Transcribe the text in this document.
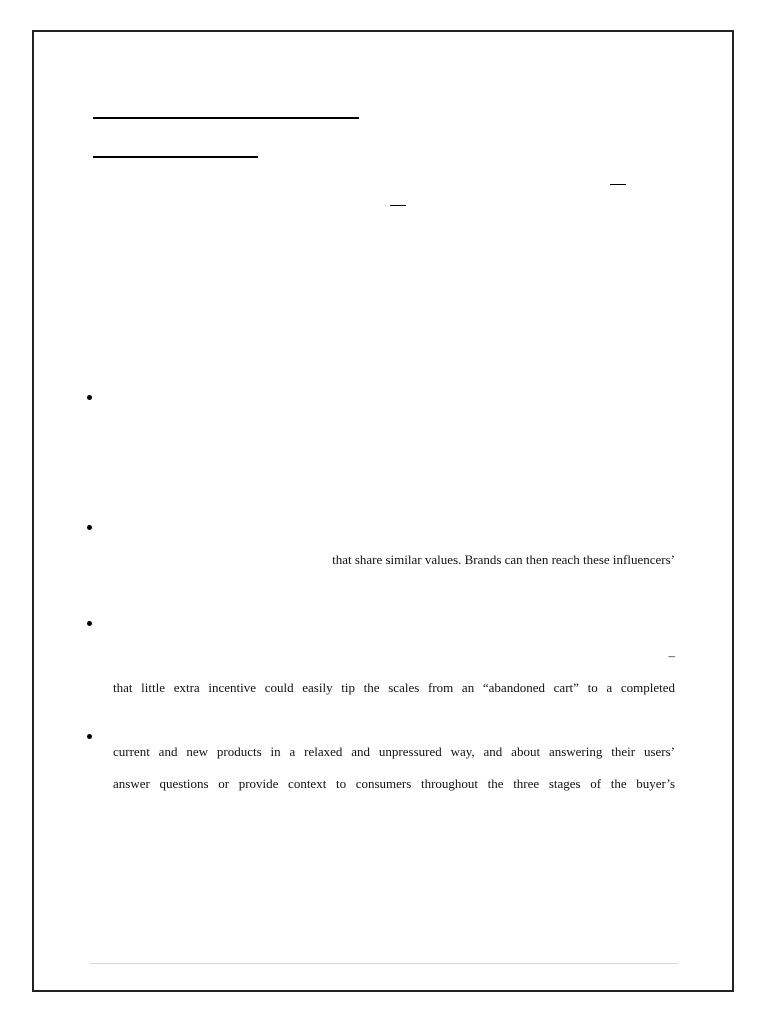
that share similar values. Brands can then reach these influencers’
–
that little extra incentive could easily tip the scales from an “abandoned cart” to a completed
current and new products in a relaxed and unpressured way, and about answering their users’
answer questions or provide context to consumers throughout the three stages of the buyer’s
